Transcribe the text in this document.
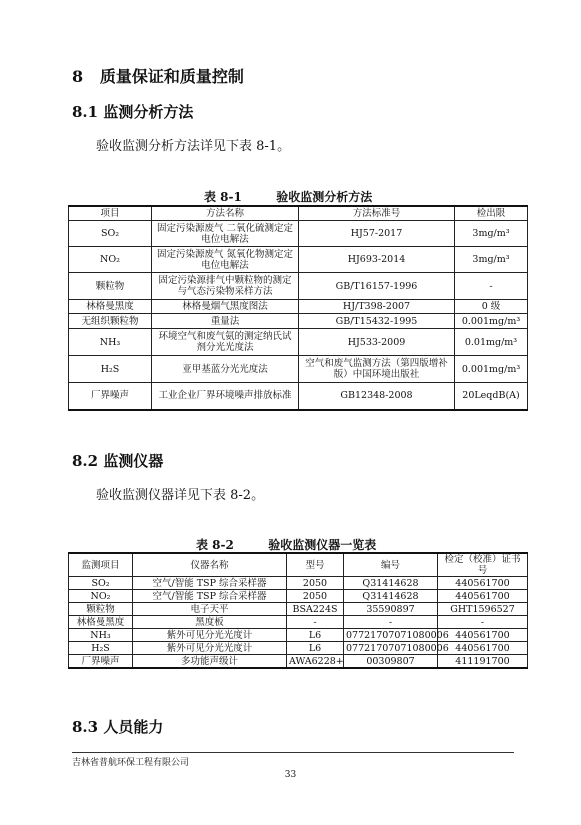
8 质量保证和质量控制
8.1 监测分析方法
验收监测分析方法详见下表 8-1。
表 8-1	验收监测分析方法
项目	方法名称	方法标准号	检出限
SO₂	固定污染源废气 二氧化硫测定定电位电解法	HJ57-2017	3mg/m³
NO₂	固定污染源废气 氮氧化物测定定电位电解法	HJ693-2014	3mg/m³
颗粒物	固定污染源排气中颗粒物的测定与气态污染物采样方法	GB/T16157-1996	-
林格曼黑度	林格曼烟气黑度图法	HJ/T398-2007	0 级
无组织颗粒物	重量法	GB/T15432-1995	0.001mg/m³
NH₃	环境空气和废气氨的测定纳氏试剂分光光度法	HJ533-2009	0.01mg/m³
H₂S	亚甲基蓝分光光度法	空气和废气监测方法（第四版增补版）中国环境出版社	0.001mg/m³
厂界噪声	工业企业厂界环境噪声排放标准	GB12348-2008	20LeqdB(A)
8.2 监测仪器
验收监测仪器详见下表 8-2。
表 8-2	验收监测仪器一览表
监测项目	仪器名称	型号	编号	检定（校准）证书号
SO₂	空气/智能 TSP 综合采样器	2050	Q31414628	440561700
NO₂	空气/智能 TSP 综合采样器	2050	Q31414628	440561700
颗粒物	电子天平	BSA224S	35590897	GHT1596527
林格曼黑度	黑度板	-	-	-
NH₃	紫外可见分光光度计	L6	07721707071080006	440561700
H₂S	紫外可见分光光度计	L6	07721707071080006	440561700
厂界噪声	多功能声级计	AWA6228+	00309807	411191700
8.3 人员能力
吉林省普航环保工程有限公司
33
